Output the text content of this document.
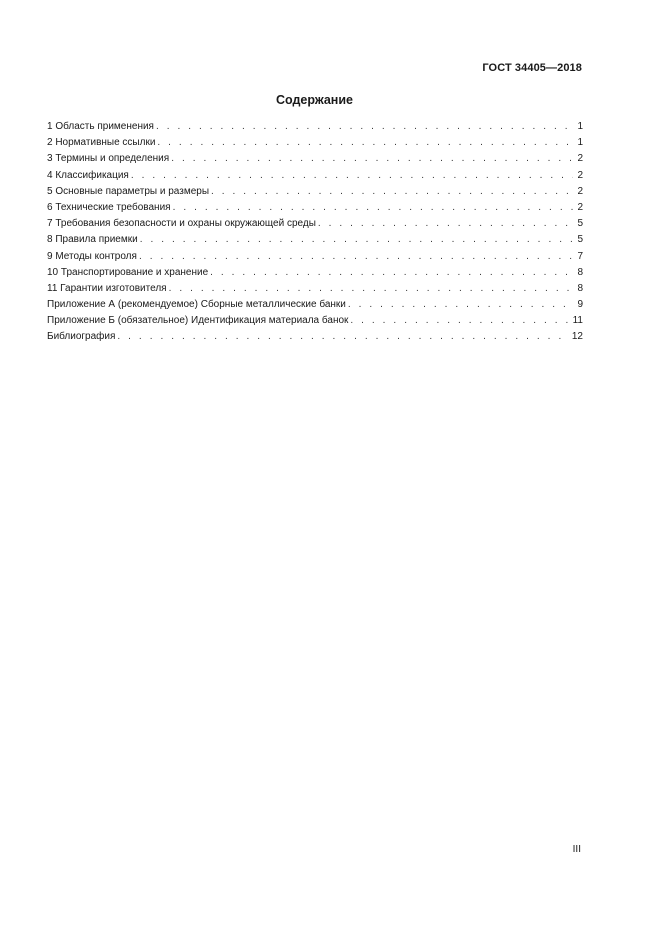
ГОСТ 34405—2018
Содержание
1 Область применения . . .	1
2 Нормативные ссылки . . .	1
3 Термины и определения . . .	2
4 Классификация . . .	2
5 Основные параметры и размеры . . .	2
6 Технические требования . . .	2
7 Требования безопасности и охраны окружающей среды . . .	5
8 Правила приемки . . .	5
9 Методы контроля . . .	7
10 Транспортирование и хранение . . .	8
11 Гарантии изготовителя . . .	8
Приложение А (рекомендуемое) Сборные металлические банки . . .	9
Приложение Б (обязательное) Идентификация материала банок . . .	11
Библиография . . .	12
III
